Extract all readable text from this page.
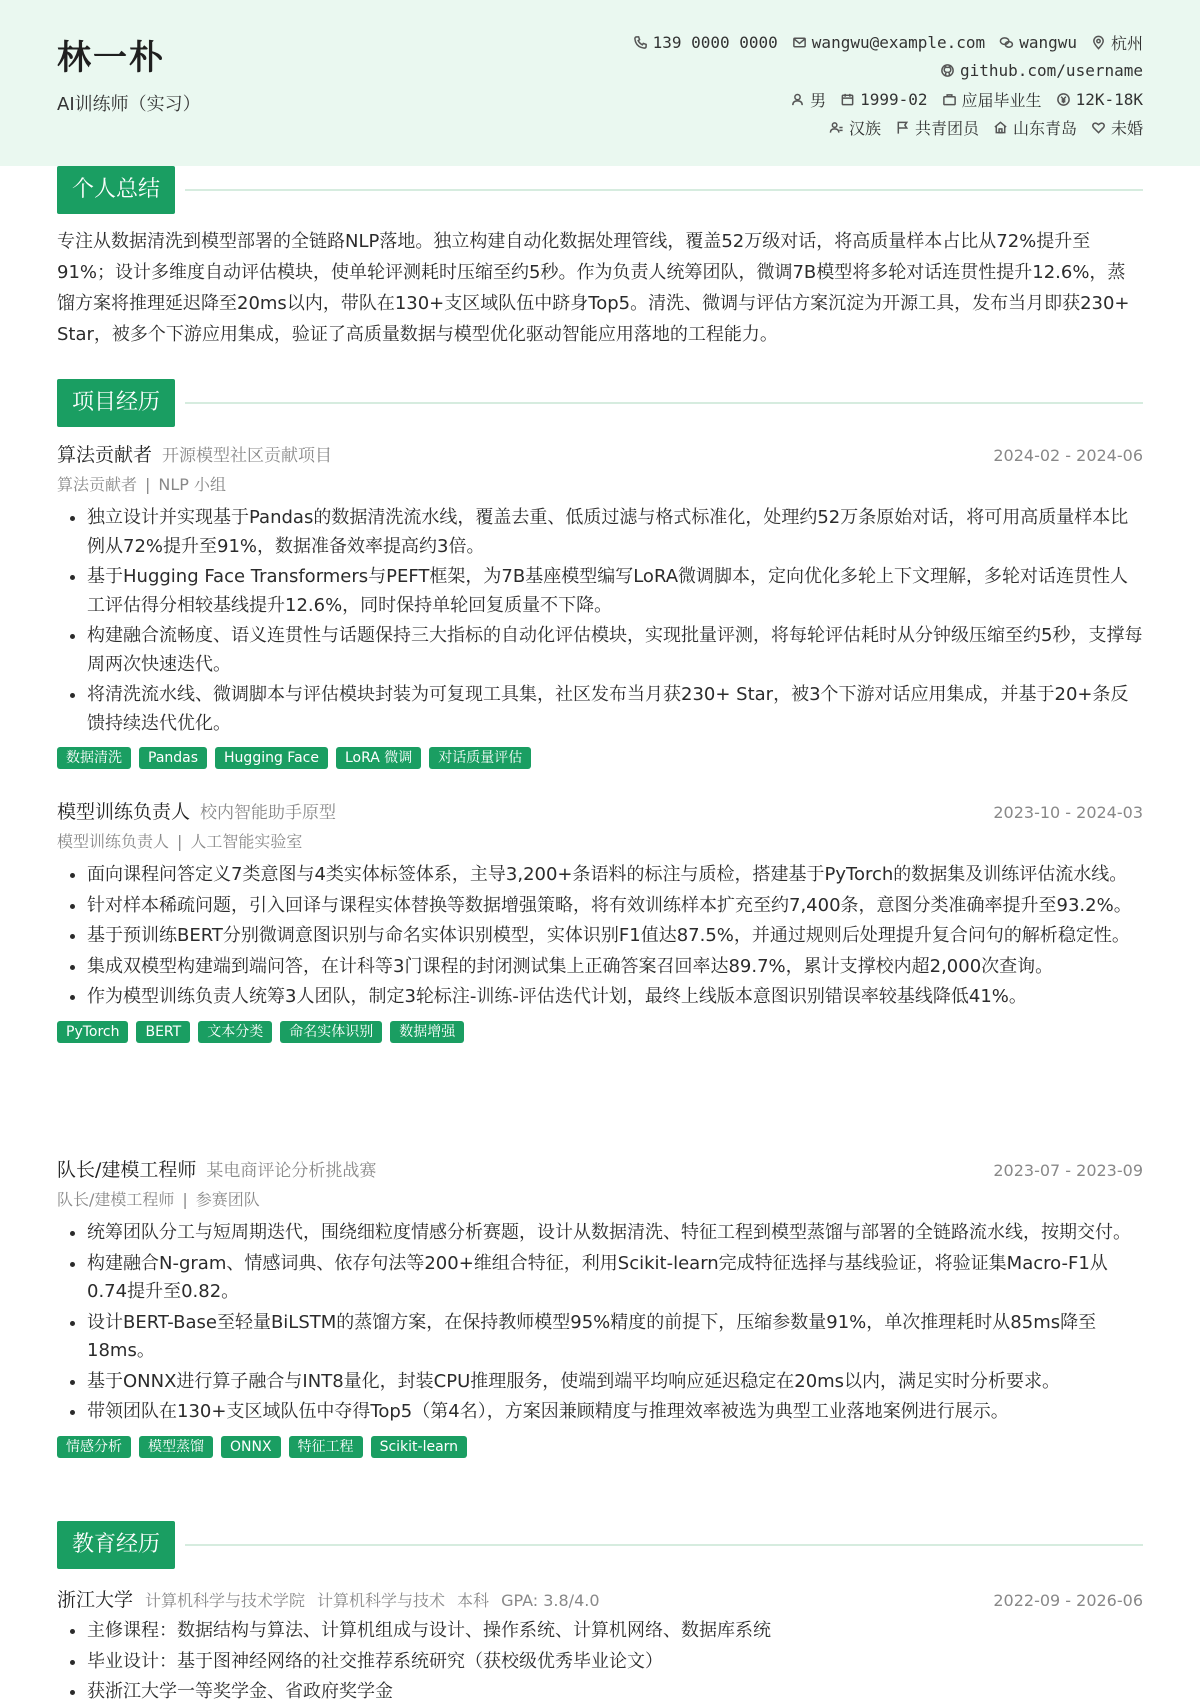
林一朴
AI训练师（实习）
139 0000 0000 wangwu@example.com wangwu 杭州
github.com/username
男 1999-02 应届毕业生 12K-18K
汉族 共青团员 山东青岛 未婚
个人总结
专注从数据清洗到模型部署的全链路NLP落地。独立构建自动化数据处理管线，覆盖52万级对话，将高质量样本占比从72%提升至91%；设计多维度自动评估模块，使单轮评测耗时压缩至约5秒。作为负责人统筹团队，微调7B模型将多轮对话连贯性提升12.6%，蒸馏方案将推理延迟降至20ms以内，带队在130+支区域队伍中跻身Top5。清洗、微调与评估方案沉淀为开源工具，发布当月即获230+ Star，被多个下游应用集成，验证了高质量数据与模型优化驱动智能应用落地的工程能力。
项目经历
算法贡献者 开源模型社区贡献项目	2024-02 - 2024-06
算法贡献者 | NLP 小组
• 独立设计并实现基于Pandas的数据清洗流水线，覆盖去重、低质过滤与格式标准化，处理约52万条原始对话，将可用高质量样本比例从72%提升至91%，数据准备效率提高约3倍。
• 基于Hugging Face Transformers与PEFT框架，为7B基座模型编写LoRA微调脚本，定向优化多轮上下文理解，多轮对话连贯性人工评估得分相较基线提升12.6%，同时保持单轮回复质量不下降。
• 构建融合流畅度、语义连贯性与话题保持三大指标的自动化评估模块，实现批量评测，将每轮评估耗时从分钟级压缩至约5秒，支撑每周两次快速迭代。
• 将清洗流水线、微调脚本与评估模块封装为可复现工具集，社区发布当月获230+ Star，被3个下游对话应用集成，并基于20+条反馈持续迭代优化。
数据清洗	Pandas	Hugging Face	LoRA 微调	对话质量评估
模型训练负责人 校内智能助手原型	2023-10 - 2024-03
模型训练负责人 | 人工智能实验室
• 面向课程问答定义7类意图与4类实体标签体系，主导3,200+条语料的标注与质检，搭建基于PyTorch的数据集及训练评估流水线。
• 针对样本稀疏问题，引入回译与课程实体替换等数据增强策略，将有效训练样本扩充至约7,400条，意图分类准确率提升至93.2%。
• 基于预训练BERT分别微调意图识别与命名实体识别模型，实体识别F1值达87.5%，并通过规则后处理提升复合问句的解析稳定性。
• 集成双模型构建端到端问答，在计科等3门课程的封闭测试集上正确答案召回率达89.7%，累计支撑校内超2,000次查询。
• 作为模型训练负责人统筹3人团队，制定3轮标注-训练-评估迭代计划，最终上线版本意图识别错误率较基线降低41%。
PyTorch	BERT	文本分类	命名实体识别	数据增强
队长/建模工程师 某电商评论分析挑战赛	2023-07 - 2023-09
队长/建模工程师 | 参赛团队
• 统筹团队分工与短周期迭代，围绕细粒度情感分析赛题，设计从数据清洗、特征工程到模型蒸馏与部署的全链路流水线，按期交付。
• 构建融合N-gram、情感词典、依存句法等200+维组合特征，利用Scikit-learn完成特征选择与基线验证，将验证集Macro-F1从0.74提升至0.82。
• 设计BERT-Base至轻量BiLSTM的蒸馏方案，在保持教师模型95%精度的前提下，压缩参数量91%，单次推理耗时从85ms降至18ms。
• 基于ONNX进行算子融合与INT8量化，封装CPU推理服务，使端到端平均响应延迟稳定在20ms以内，满足实时分析要求。
• 带领团队在130+支区域队伍中夺得Top5（第4名），方案因兼顾精度与推理效率被选为典型工业落地案例进行展示。
情感分析	模型蒸馏	ONNX	特征工程	Scikit-learn
教育经历
浙江大学 计算机科学与技术学院 计算机科学与技术 本科 GPA: 3.8/4.0	2022-09 - 2026-06
• 主修课程：数据结构与算法、计算机组成与设计、操作系统、计算机网络、数据库系统
• 毕业设计：基于图神经网络的社交推荐系统研究（获校级优秀毕业论文）
• 获浙江大学一等奖学金、省政府奖学金
